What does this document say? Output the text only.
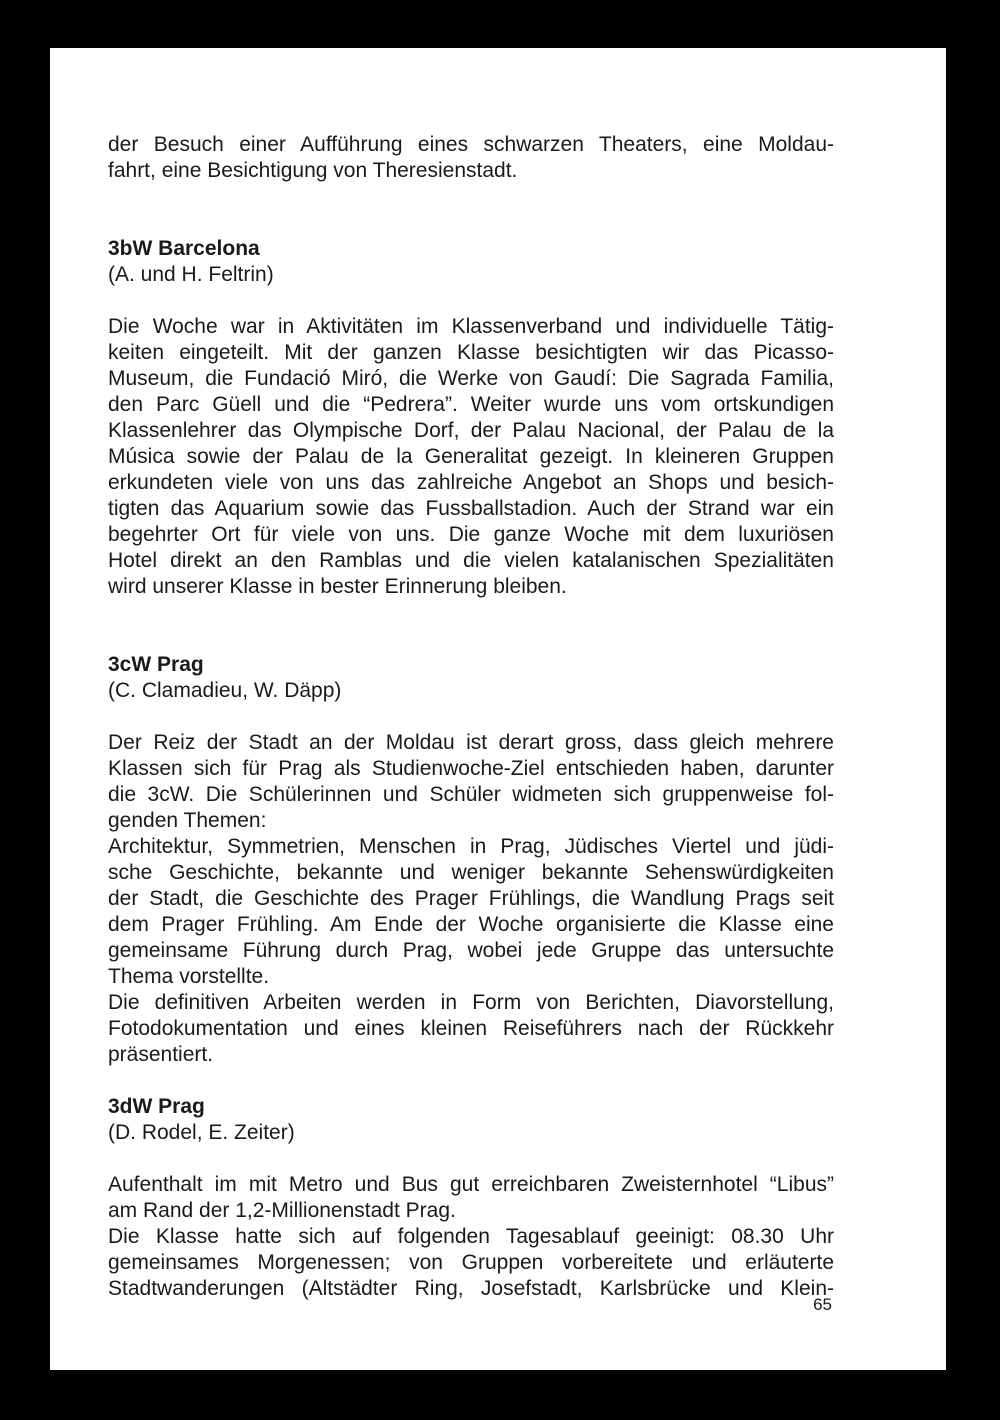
der Besuch einer Aufführung eines schwarzen Theaters, eine Moldau-
fahrt, eine Besichtigung von Theresienstadt.

3bW Barcelona

(A. und H. Feltrin)

Die Woche war in Aktivitäten im Klassenverband und individuelle Tätig-
keiten eingeteilt. Mit der ganzen Klasse besichtigten wir das Picasso-
Museum, die Fundació Miró, die Werke von Gaudí: Die Sagrada Familia,
den Parc Güell und die “Pedrera”. Weiter wurde uns vom ortskundigen
Klassenlehrer das Olympische Dorf, der Palau Nacional, der Palau de la
Música sowie der Palau de la Generalitat gezeigt. In kleineren Gruppen
erkundeten viele von uns das zahlreiche Angebot an Shops und besich-
tigten das Aquarium sowie das Fussballstadion. Auch der Strand war ein
begehrter Ort für viele von uns. Die ganze Woche mit dem luxuriösen
Hotel direkt an den Ramblas und die vielen katalanischen Spezialitäten
wird unserer Klasse in bester Erinnerung bleiben.

3cW Prag

(C. Clamadieu, W. Däpp)

Der Reiz der Stadt an der Moldau ist derart gross, dass gleich mehrere
Klassen sich für Prag als Studienwoche-Ziel entschieden haben, darunter
die 3cW. Die Schülerinnen und Schüler widmeten sich gruppenweise fol-
genden Themen:

Architektur, Symmetrien, Menschen in Prag, Jüdisches Viertel und jüdi-
sche Geschichte, bekannte und weniger bekannte Sehenswürdigkeiten
der Stadt, die Geschichte des Prager Frühlings, die Wandlung Prags seit
dem Prager Frühling. Am Ende der Woche organisierte die Klasse eine
gemeinsame Führung durch Prag, wobei jede Gruppe das untersuchte
Thema vorstellte.

Die definitiven Arbeiten werden in Form von Berichten, Diavorstellung,
Fotodokumentation und eines kleinen Reiseführers nach der Rückkehr
präsentiert.

3dW Prag

(D. Rodel, E. Zeiter)

Aufenthalt im mit Metro und Bus gut erreichbaren Zweisternhotel “Libus”
am Rand der 1,2-Millionenstadt Prag.

Die Klasse hatte sich auf folgenden Tagesablauf geeinigt: 08.30 Uhr
gemeinsames Morgenessen; von Gruppen vorbereitete und erläuterte
Stadtwanderungen (Altstädter Ring, Josefstadt, Karlsbrücke und Klein-

65
